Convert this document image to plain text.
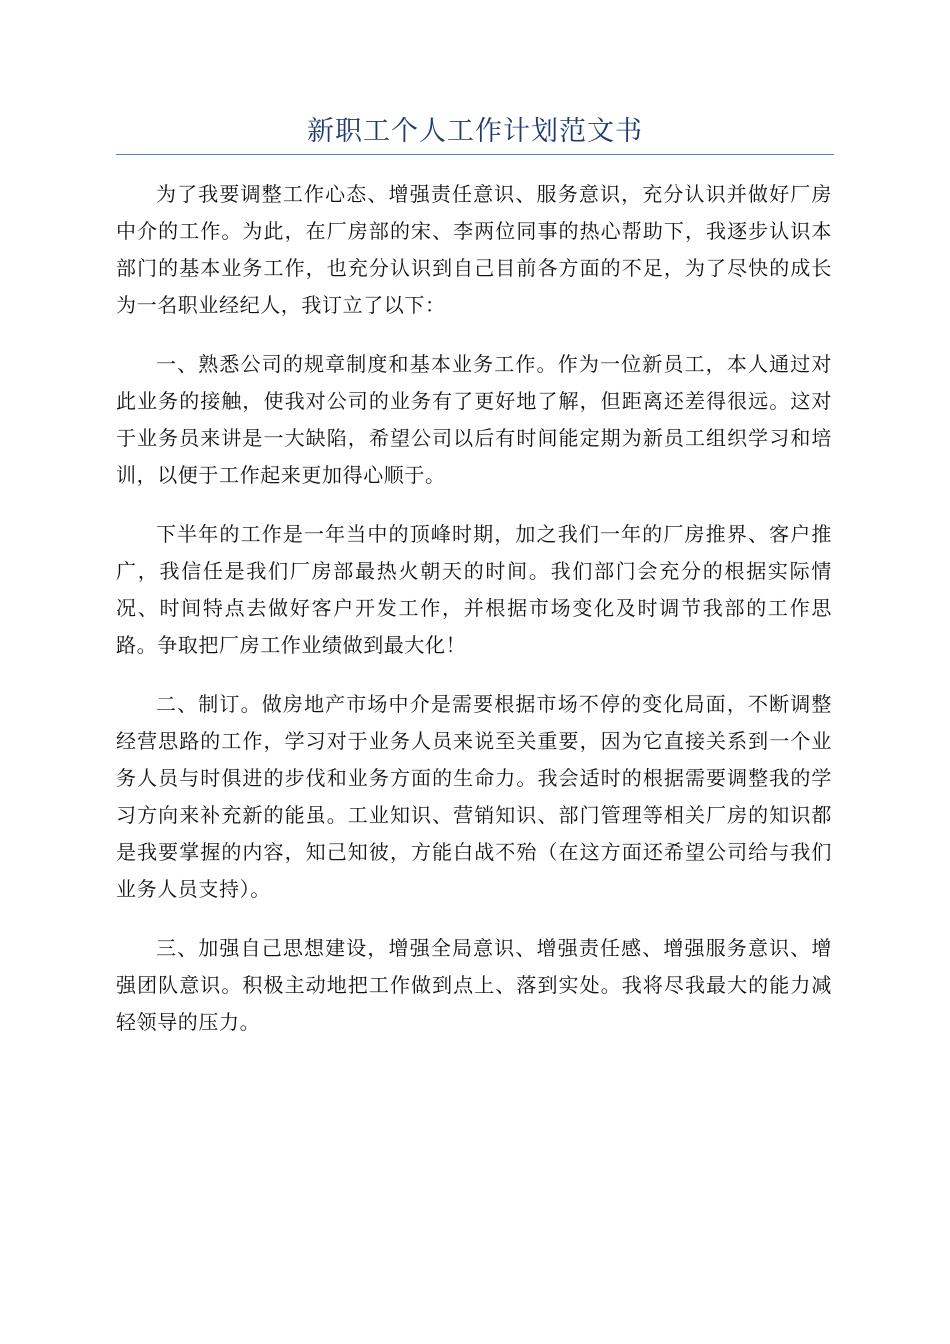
新职工个人工作计划范文书

为了我要调整工作心态、增强责任意识、服务意识，充分认识并做好厂房中介的工作。为此，在厂房部的宋、李两位同事的热心帮助下，我逐步认识本部门的基本业务工作，也充分认识到自己目前各方面的不足，为了尽快的成长为一名职业经纪人，我订立了以下：

一、熟悉公司的规章制度和基本业务工作。作为一位新员工，本人通过对此业务的接触，使我对公司的业务有了更好地了解，但距离还差得很远。这对于业务员来讲是一大缺陷，希望公司以后有时间能定期为新员工组织学习和培训，以便于工作起来更加得心顺于。

下半年的工作是一年当中的顶峰时期，加之我们一年的厂房推界、客户推广，我信任是我们厂房部最热火朝天的时间。我们部门会充分的根据实际情况、时间特点去做好客户开发工作，并根据市场变化及时调节我部的工作思路。争取把厂房工作业绩做到最大化！

二、制订。做房地产市场中介是需要根据市场不停的变化局面，不断调整经营思路的工作，学习对于业务人员来说至关重要，因为它直接关系到一个业务人员与时俱进的步伐和业务方面的生命力。我会适时的根据需要调整我的学习方向来补充新的能虽。工业知识、营销知识、部门管理等相关厂房的知识都是我要掌握的内容，知己知彼，方能白战不殆（在这方面还希望公司给与我们业务人员支持）。

三、加强自己思想建设，增强全局意识、增强责任感、增强服务意识、增强团队意识。积极主动地把工作做到点上、落到实处。我将尽我最大的能力减轻领导的压力。
